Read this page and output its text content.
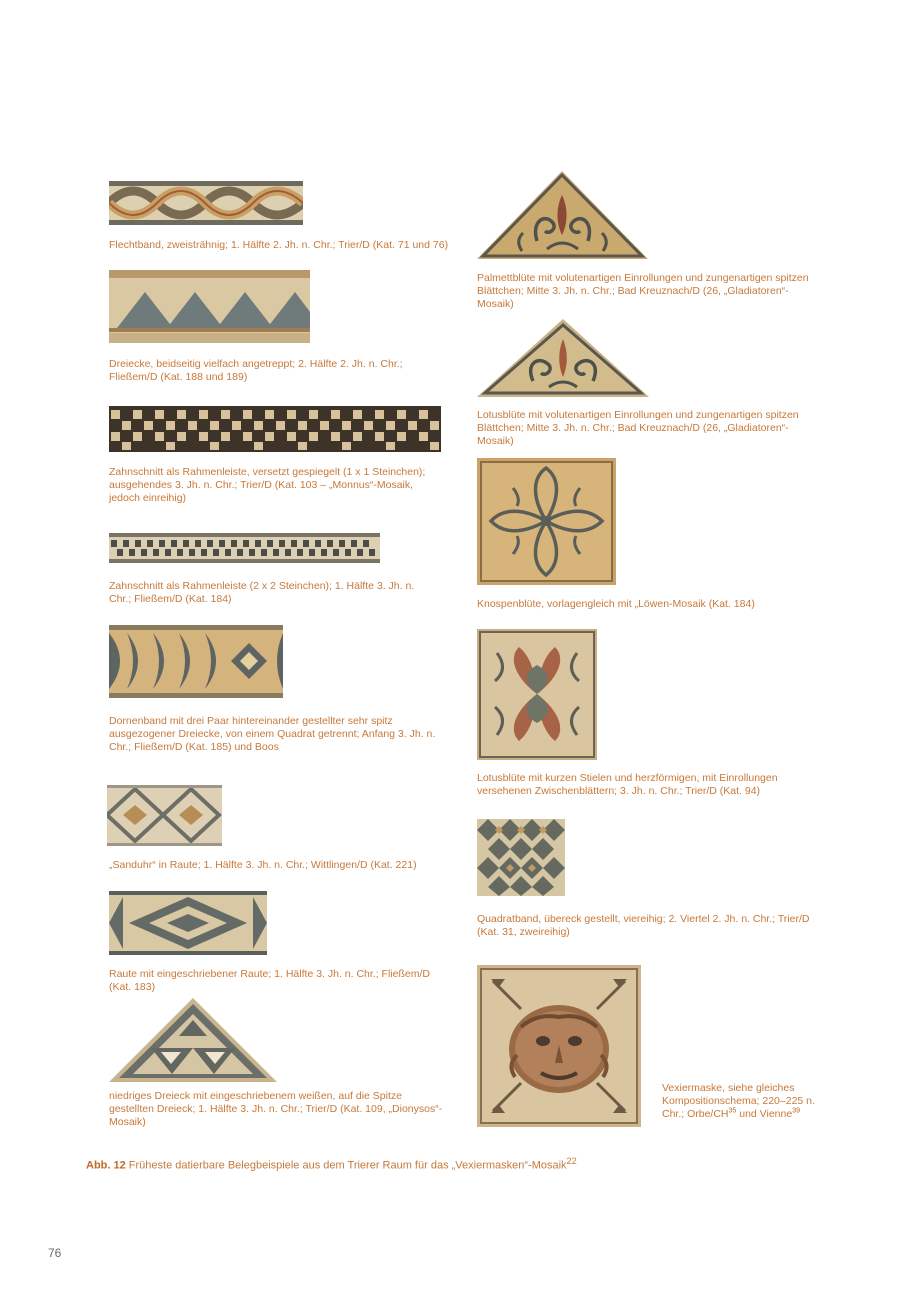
Flechtband, zweisträhnig; 1. Hälfte 2. Jh. n. Chr.; Trier/D (Kat. 71 und 76)
Dreiecke, beidseitig vielfach angetreppt; 2. Hälfte 2. Jh. n. Chr.; Fließem/D (Kat. 188 und 189)
Zahnschnitt als Rahmenleiste, versetzt gespiegelt (1 x 1 Steinchen); ausgehendes 3. Jh. n. Chr.; Trier/D (Kat. 103 – „Monnus“-Mosaik, jedoch einreihig)
Zahnschnitt als Rahmenleiste (2 x 2 Steinchen); 1. Hälfte 3. Jh. n. Chr.; Fließem/D (Kat. 184)
Dornenband mit drei Paar hintereinander gestellter sehr spitz ausgezogener Dreiecke, von einem Quadrat getrennt; Anfang 3. Jh. n. Chr.; Fließem/D (Kat. 185) und Boos
„Sanduhr“ in Raute; 1. Hälfte 3. Jh. n. Chr.; Wittlingen/D (Kat. 221)
Raute mit eingeschriebener Raute; 1. Hälfte 3. Jh. n. Chr.; Fließem/D (Kat. 183)
niedriges Dreieck mit eingeschriebenem weißen, auf die Spitze gestellten Dreieck; 1. Hälfte 3. Jh. n. Chr.; Trier/D (Kat. 109, „Dionysos“-Mosaik)
Palmettblüte mit volutenartigen Einrollungen und zungenartigen spitzen Blättchen; Mitte 3. Jh. n. Chr.; Bad Kreuznach/D (26, „Gladiatoren“-Mosaik)
Lotusblüte mit volutenartigen Einrollungen und zungenartigen spitzen Blättchen; Mitte 3. Jh. n. Chr.; Bad Kreuznach/D (26, „Gladiatoren“-Mosaik)
Knospenblüte, vorlagengleich mit „Löwen-Mosaik (Kat. 184)
Lotusblüte mit kurzen Stielen und herzförmigen, mit Einrollungen versehenen Zwischenblättern; 3. Jh. n. Chr.; Trier/D (Kat. 94)
Quadratband, übereck gestellt, viereihig; 2. Viertel 2. Jh. n. Chr.; Trier/D (Kat. 31, zweireihig)
Vexiermaske, siehe gleiches Kompositionschema; 220–225 n. Chr.; Orbe/CH$^{35}$ und Vienne$^{39}$
Abb. 12 Früheste datierbare Belegbeispiele aus dem Trierer Raum für das „Vexiermasken“-Mosaik$^{22}$
76
